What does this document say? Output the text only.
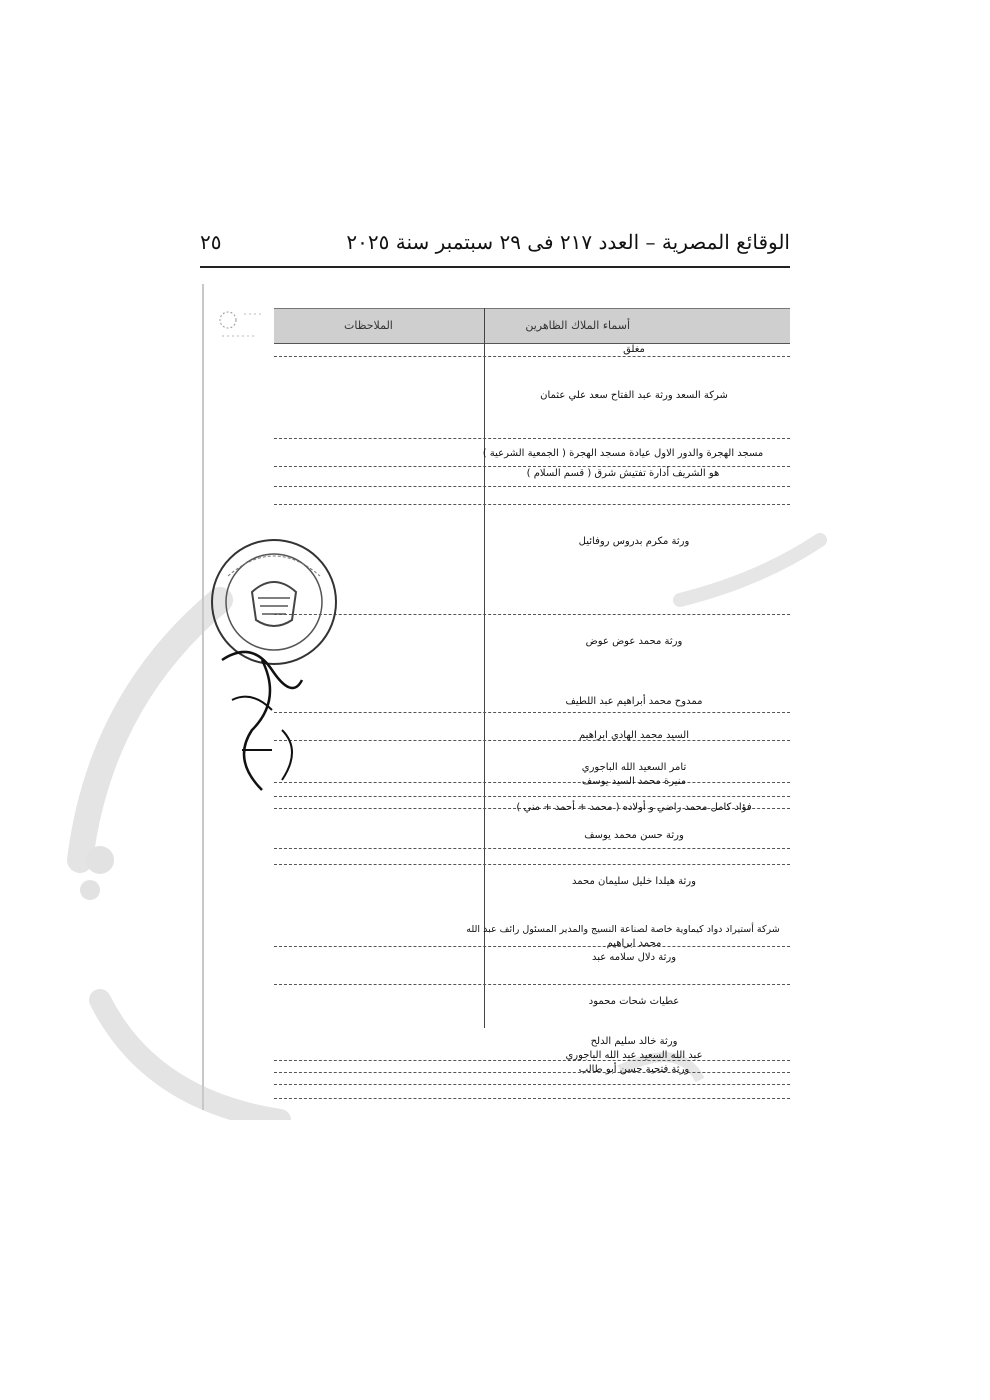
٢٥	الوقائع المصرية – العدد ٢١٧ فى ٢٩ سبتمبر سنة ٢٠٢٥
أسماء الملاك الظاهرين
الملاحظات
مغلق
شركة السعد ورثة عبد الفتاح سعد علي عثمان
مسجد الهجرة والدور الاول عيادة مسجد الهجرة ( الجمعية الشرعية )
هو الشريف أدارة تفتيش شرق ( قسم السلام )
ورثة مكرم بدروس روفائيل
ورثة محمد عوض عوض
ممدوح محمد أبراهيم عبد اللطيف
السيد محمد الهادي ابراهيم
تامر السعيد الله الباجوري
منيرة محمد السيد يوسف
فؤاد كامل محمد راضي و أولاده ( محمد + أحمد + مني )
ورثة حسن محمد يوسف
ورثة هيلدا خليل سليمان محمد
شركة أستيراد دواد كيماوية خاصة لصناعة النسيج والمدير المسئول رائف عبد الله
محمد ابراهيم
ورثة دلال سلامه عبد
عطيات شحات محمود
ورثة خالد سليم الدلح
عبد الله السعيد عبد الله الباجوري
ورثة فتحية حسن أبو طالب
